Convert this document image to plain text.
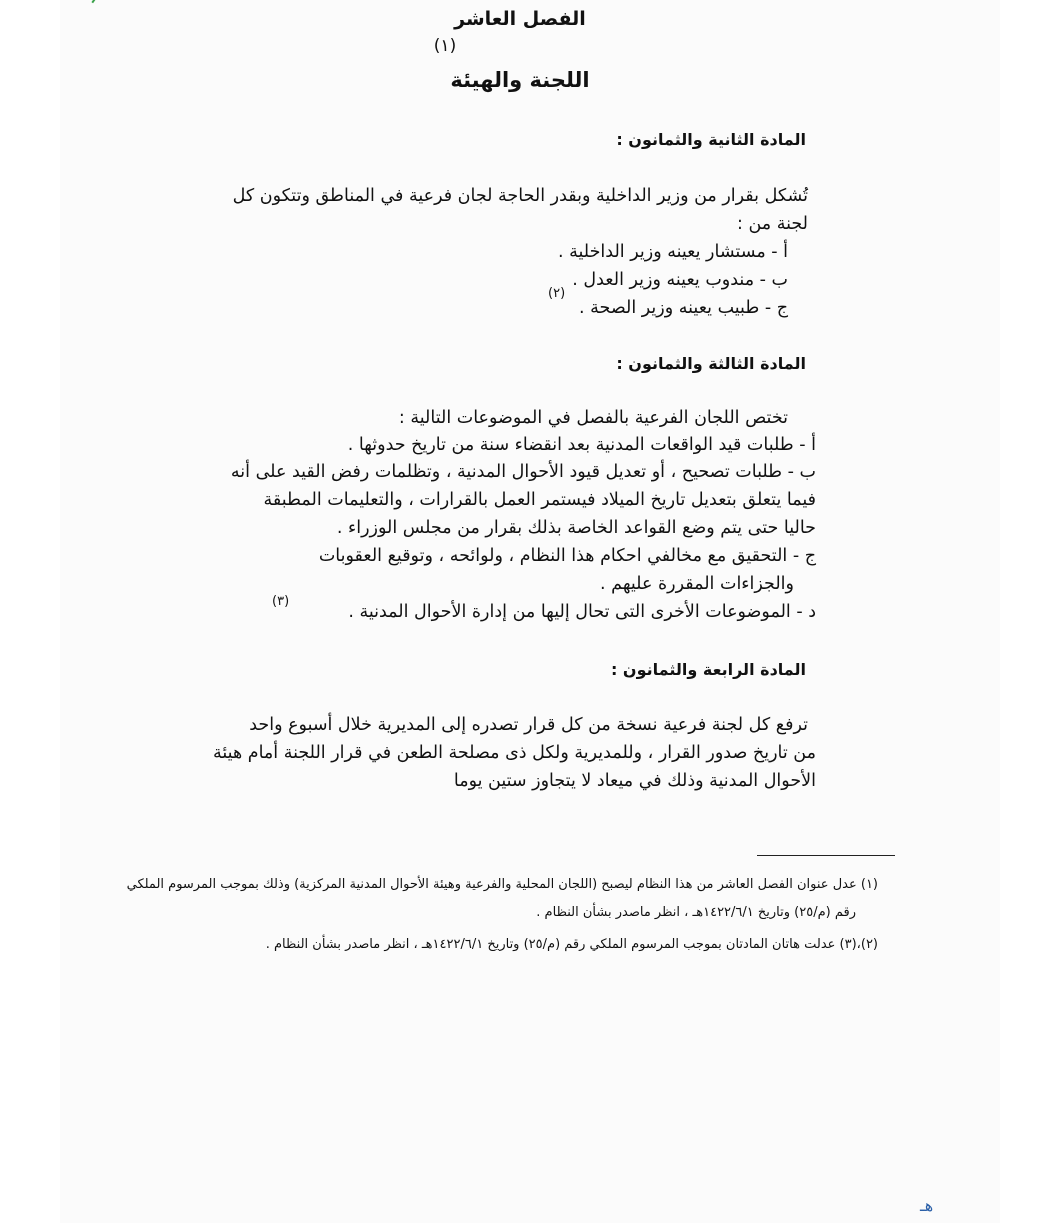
الفصل العاشر
(١)
اللجنة والهيئة
المادة الثانية والثمانون :
تُشكل بقرار من وزير الداخلية وبقدر الحاجة لجان فرعية في المناطق وتتكون كل
لجنة من :
أ - مستشار يعينه وزير الداخلية .
ب - مندوب يعينه وزير العدل .
ج - طبيب يعينه وزير الصحة .
(٢)
المادة الثالثة والثمانون :
تختص اللجان الفرعية بالفصل في الموضوعات التالية :
أ - طلبات قيد الواقعات المدنية بعد انقضاء سنة من تاريخ حدوثها .
ب - طلبات تصحيح ، أو تعديل قيود الأحوال المدنية ، وتظلمات رفض القيد على أنه
فيما يتعلق بتعديل تاريخ الميلاد فيستمر العمل بالقرارات ، والتعليمات المطبقة
حاليا حتى يتم وضع القواعد الخاصة بذلك بقرار من مجلس الوزراء .
ج - التحقيق مع مخالفي احكام هذا النظام ، ولوائحه ، وتوقيع العقوبات
والجزاءات المقررة عليهم .
د - الموضوعات الأخرى التى تحال إليها من إدارة الأحوال المدنية .
(٣)
المادة الرابعة والثمانون :
ترفع كل لجنة فرعية نسخة من كل قرار تصدره إلى المديرية خلال أسبوع واحد
من تاريخ صدور القرار ، وللمديرية ولكل ذى مصلحة الطعن في قرار اللجنة أمام هيئة
الأحوال المدنية وذلك في ميعاد لا يتجاوز ستين يوما
(١) عدل عنوان الفصل العاشر من هذا النظام ليصبح (اللجان المحلية والفرعية وهيئة الأحوال المدنية المركزية) وذلك بموجب المرسوم الملكي
رقم (م/٢٥) وتاريخ ١٤٢٢/٦/١هـ ، انظر ماصدر بشأن النظام .
(٢)،(٣) عدلت هاتان المادتان بموجب المرسوم الملكي رقم (م/٢٥) وتاريخ ١٤٢٢/٦/١هـ ، انظر ماصدر بشأن النظام .
هـ
